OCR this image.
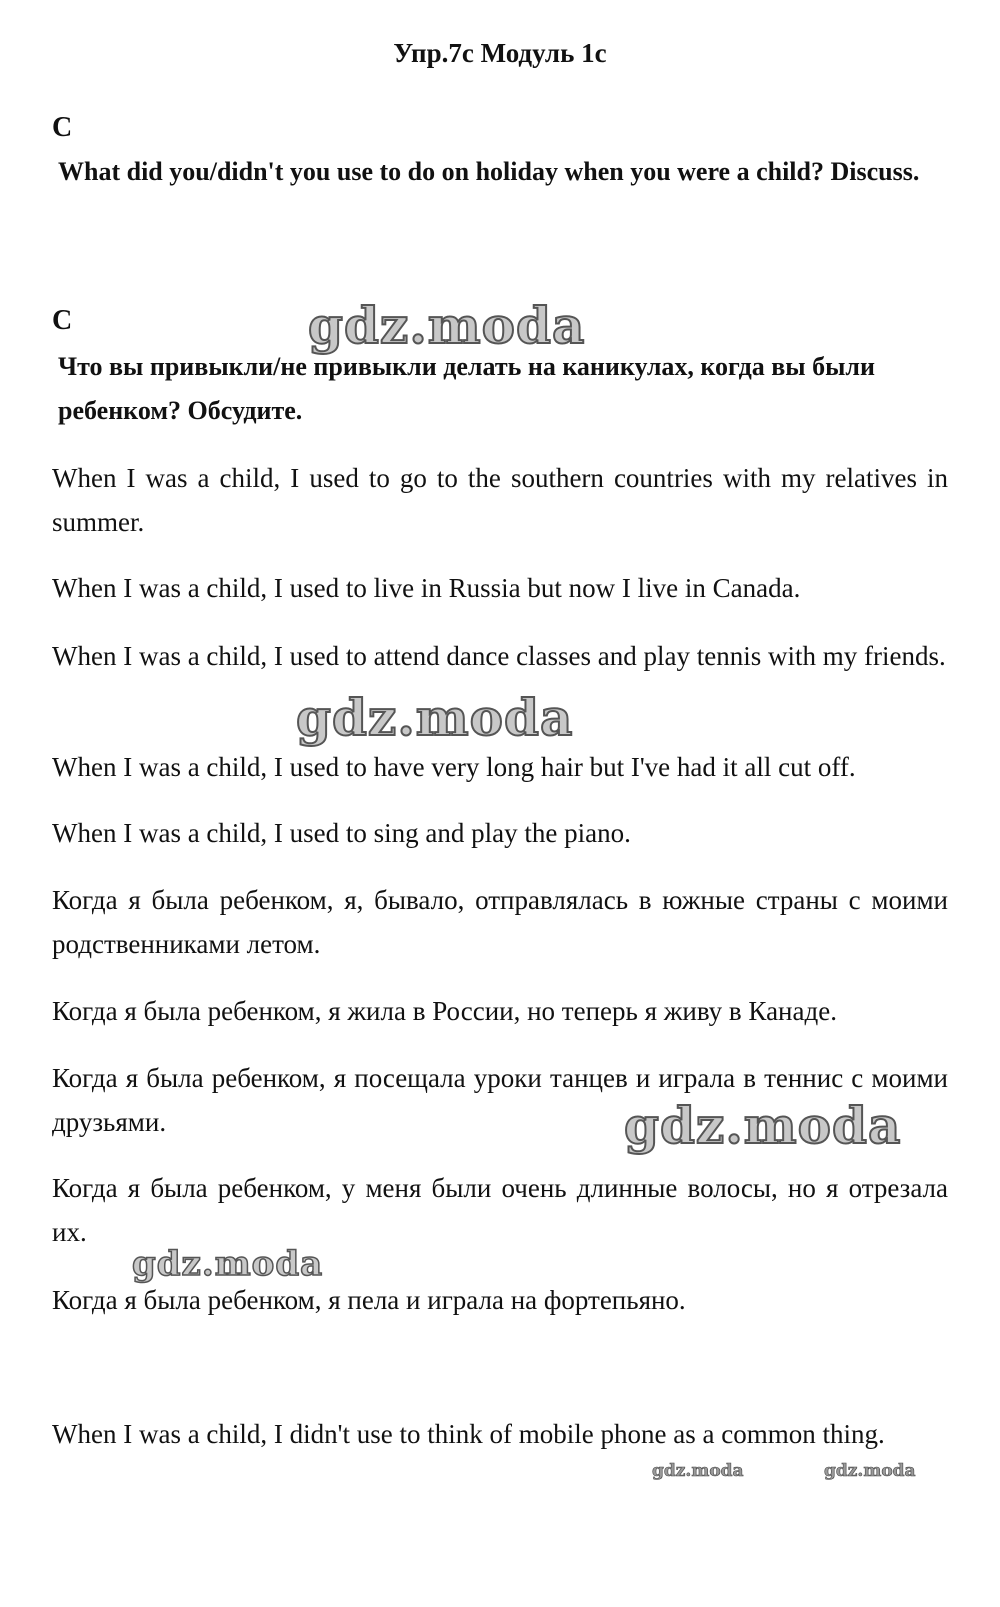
Упр.7c Модуль 1c
C
What did you/didn't you use to do on holiday when you were a child? Discuss.
C
Что вы привыкли/не привыкли делать на каникулах, когда вы были ребенком? Обсудите.
When I was a child, I used to go to the southern countries with my relatives in summer.
When I was a child, I used to live in Russia but now I live in Canada.
When I was a child, I used to attend dance classes and play tennis with my friends.
When I was a child, I used to have very long hair but I've had it all cut off.
When I was a child, I used to sing and play the piano.
Когда я была ребенком, я, бывало, отправлялась в южные страны с моими родственниками летом.
Когда я была ребенком, я жила в России, но теперь я живу в Канаде.
Когда я была ребенком, я посещала уроки танцев и играла в теннис с моими друзьями.
Когда я была ребенком, у меня были очень длинные волосы, но я отрезала их.
Когда я была ребенком, я пела и играла на фортепьяно.
When I was a child, I didn't use to think of mobile phone as a common thing.
gdz.moda
gdz.moda
gdz.moda
gdz.moda
gdz.moda	gdz.moda
